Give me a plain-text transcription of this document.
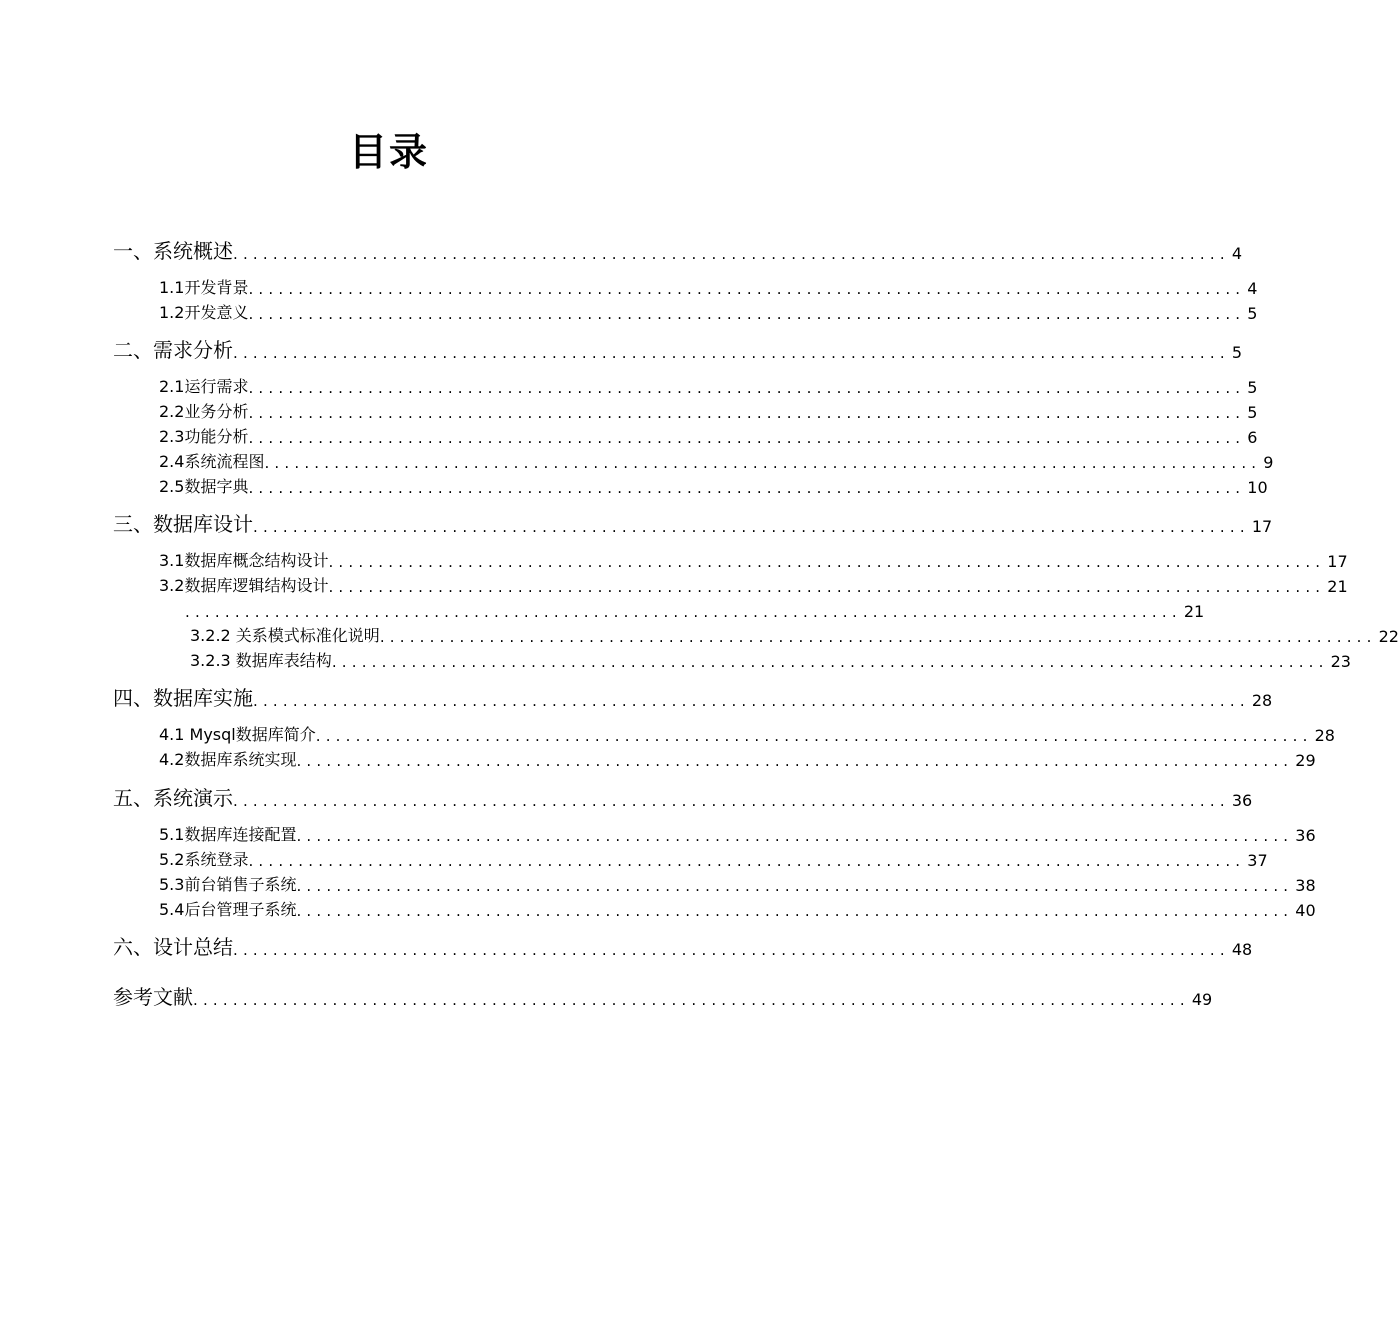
目录
一、系统概述 .................................................................................................... 4
1.1开发背景 .................................................................................................... 4
1.2开发意义 .................................................................................................... 5
二、需求分析 .................................................................................................... 5
2.1运行需求 .................................................................................................... 5
2.2业务分析 .................................................................................................... 5
2.3功能分析 .................................................................................................... 6
2.4系统流程图 .................................................................................................... 9
2.5数据字典 .................................................................................................... 10
三、数据库设计 .................................................................................................... 17
3.1数据库概念结构设计 .................................................................................................... 17
3.2数据库逻辑结构设计 .................................................................................................... 21
.................................................................................................... 21
3.2.2 关系模式标准化说明 .................................................................................................... 22
3.2.3 数据库表结构 .................................................................................................... 23
四、数据库实施 .................................................................................................... 28
4.1 Mysql数据库简介 .................................................................................................... 28
4.2数据库系统实现 .................................................................................................... 29
五、系统演示 .................................................................................................... 36
5.1数据库连接配置 .................................................................................................... 36
5.2系统登录 .................................................................................................... 37
5.3前台销售子系统 .................................................................................................... 38
5.4后台管理子系统 .................................................................................................... 40
六、设计总结 .................................................................................................... 48
参考文献 .................................................................................................... 49
